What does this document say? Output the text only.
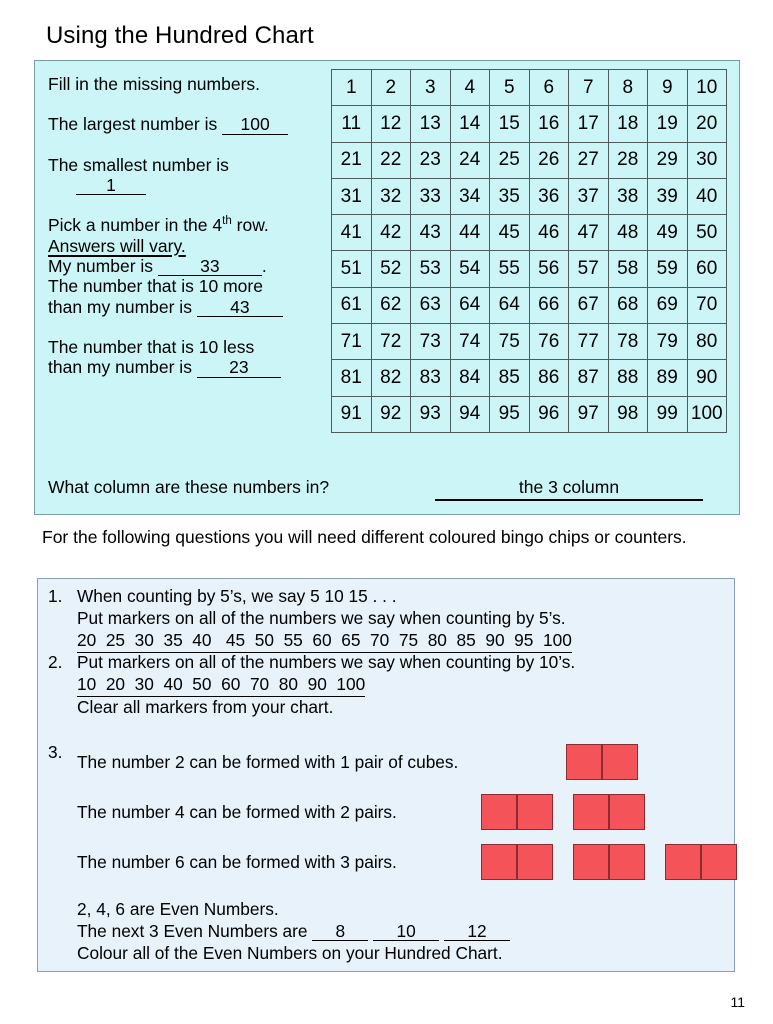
Using the Hundred Chart
Fill in the missing numbers.
The largest number is 100
The smallest number is
1
Pick a number in the 4th row.
Answers will vary.
My number is	33 .
The number that is 10 more
than my number is 43
The number that is 10 less
than my number is 23
1	2	3	4	5	6	7	8	9	10
11	12	13	14	15	16	17	18	19	20
21	22	23	24	25	26	27	28	29	30
31	32	33	34	35	36	37	38	39	40
41	42	43	44	45	46	47	48	49	50
51	52	53	54	55	56	57	58	59	60
61	62	63	64	64	66	67	68	69	70
71	72	73	74	75	76	77	78	79	80
81	82	83	84	85	86	87	88	89	90
91	92	93	94	95	96	97	98	99	100
What column are these numbers in?	the 3 column
For the following questions you will need different coloured bingo chips or counters.
1. When counting by 5’s, we say 5 10 15 . . .
Put markers on all of the numbers we say when counting by 5’s.
20  25  30  35  40   45  50  55  60  65  70  75  80  85  90  95  100
2. Put markers on all of the numbers we say when counting by 10’s.
10  20  30  40  50  60  70  80  90  100
Clear all markers from your chart.
3. The number 2 can be formed with 1 pair of cubes.
The number 4 can be formed with 2 pairs.
The number 6 can be formed with 3 pairs.
2, 4, 6 are Even Numbers.
The next 3 Even Numbers are 8	10	12
Colour all of the Even Numbers on your Hundred Chart.
11
